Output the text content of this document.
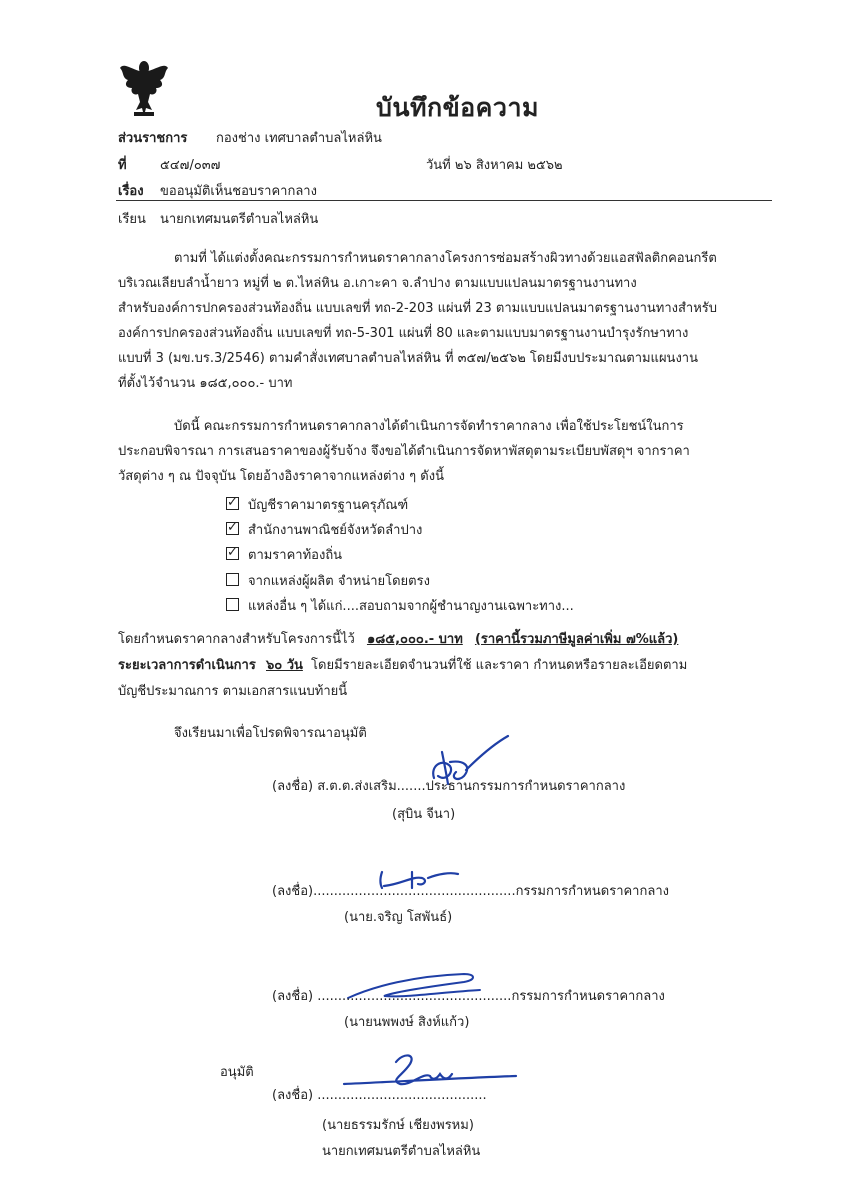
บันทึกข้อความ
ส่วนราชการ กองช่าง เทศบาลตำบลไหล่หิน
ที่	๕๔๗/๐๓๗	วันที่ ๒๖ สิงหาคม ๒๕๖๒
เรื่อง ขออนุมัติเห็นชอบราคากลาง
เรียน นายกเทศมนตรีตำบลไหล่หิน
ตามที่ ได้แต่งตั้งคณะกรรมการกำหนดราคากลางโครงการซ่อมสร้างผิวทางด้วยแอสฟัลติกคอนกรีต
บริเวณเลียบลำน้ำยาว หมู่ที่ ๒ ต.ไหล่หิน อ.เกาะคา จ.ลำปาง ตามแบบแปลนมาตรฐานงานทาง
สำหรับองค์การปกครองส่วนท้องถิ่น แบบเลขที่ ทถ-2-203 แผ่นที่ 23 ตามแบบแปลนมาตรฐานงานทางสำหรับ
องค์การปกครองส่วนท้องถิ่น แบบเลขที่ ทถ-5-301 แผ่นที่ 80 และตามแบบมาตรฐานงานบำรุงรักษาทาง
แบบที่ 3 (มข.บร.3/2546) ตามคำสั่งเทศบาลตำบลไหล่หิน ที่ ๓๕๗/๒๕๖๒ โดยมีงบประมาณตามแผนงาน
ที่ตั้งไว้จำนวน ๑๘๕,๐๐๐.- บาท
บัดนี้ คณะกรรมการกำหนดราคากลางได้ดำเนินการจัดทำราคากลาง เพื่อใช้ประโยชน์ในการ
ประกอบพิจารณา การเสนอราคาของผู้รับจ้าง จึงขอได้ดำเนินการจัดหาพัสดุตามระเบียบพัสดุฯ จากราคา
วัสดุต่าง ๆ ณ ปัจจุบัน โดยอ้างอิงราคาจากแหล่งต่าง ๆ ดังนี้
✓ บัญชีราคามาตรฐานครุภัณฑ์
✓ สำนักงานพาณิชย์จังหวัดลำปาง
✓ ตามราคาท้องถิ่น
จากแหล่งผู้ผลิต จำหน่ายโดยตรง
แหล่งอื่น ๆ ได้แก่....สอบถามจากผู้ชำนาญงานเฉพาะทาง...
โดยกำหนดราคากลางสำหรับโครงการนี้ไว้ ๑๘๕,๐๐๐.- บาท (ราคานี้รวมภาษีมูลค่าเพิ่ม ๗%แล้ว)
ระยะเวลาการดำเนินการ ๖๐ วัน โดยมีรายละเอียดจำนวนที่ใช้ และราคา กำหนดหรือรายละเอียดตาม
บัญชีประมาณการ ตามเอกสารแนบท้ายนี้
จึงเรียนมาเพื่อโปรดพิจารณาอนุมัติ
(ลงชื่อ) ส.ต.ต.ส่งเสริม.......ประธานกรรมการกำหนดราคากลาง
(สุบิน จีนา)
(ลงชื่อ).................................................กรรมการกำหนดราคากลาง
(นาย.จริญ โสพันธ์)
(ลงชื่อ) ...............................................กรรมการกำหนดราคากลาง
(นายนพพงษ์ สิงห์แก้ว)
อนุมัติ
(ลงชื่อ) .........................................
(นายธรรมรักษ์ เชียงพรหม)
นายกเทศมนตรีตำบลไหล่หิน
